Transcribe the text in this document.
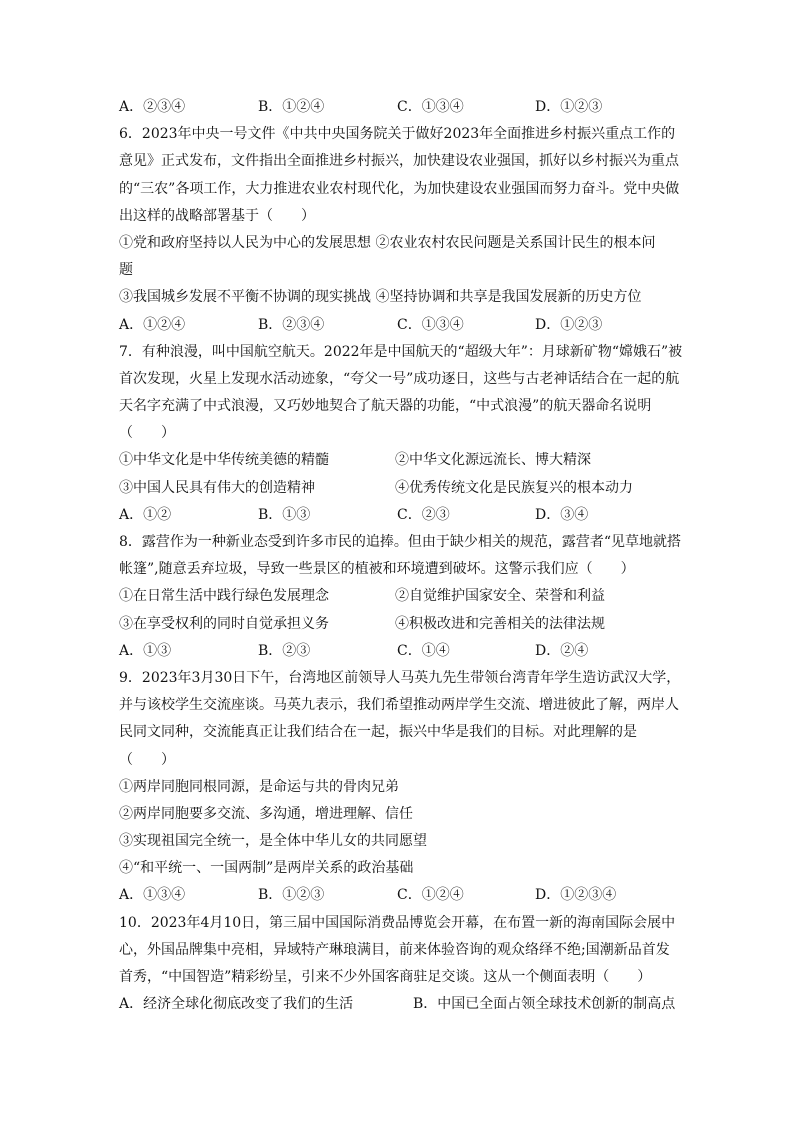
A．②③④	B．①②④	C．①③④	D．①②③
6．2023年中央一号文件《中共中央国务院关于做好2023年全面推进乡村振兴重点工作的
意见》正式发布，文件指出全面推进乡村振兴，加快建设农业强国，抓好以乡村振兴为重点
的“三农”各项工作，大力推进农业农村现代化，为加快建设农业强国而努力奋斗。党中央做
出这样的战略部署基于（　　）
①党和政府坚持以人民为中心的发展思想 ②农业农村农民问题是关系国计民生的根本问
题
③我国城乡发展不平衡不协调的现实挑战 ④坚持协调和共享是我国发展新的历史方位
A．①②④	B．②③④	C．①③④	D．①②③
7．有种浪漫，叫中国航空航天。2022年是中国航天的“超级大年”：月球新矿物“嫦娥石”被
首次发现，火星上发现水活动迹象，“夸父一号”成功逐日，这些与古老神话结合在一起的航
天名字充满了中式浪漫，又巧妙地契合了航天器的功能，“中式浪漫”的航天器命名说明
（　　）
①中华文化是中华传统美德的精髓	②中华文化源远流长、博大精深
③中国人民具有伟大的创造精神	④优秀传统文化是民族复兴的根本动力
A．①②	B．①③	C．②③	D．③④
8．露营作为一种新业态受到许多市民的追捧。但由于缺少相关的规范，露营者“见草地就搭
帐篷”,随意丢弃垃圾，导致一些景区的植被和环境遭到破坏。这警示我们应（　　）
①在日常生活中践行绿色发展理念	②自觉维护国家安全、荣誉和利益
③在享受权利的同时自觉承担义务	④积极改进和完善相关的法律法规
A．①③	B．②③	C．①④	D．②④
9．2023年3月30日下午，台湾地区前领导人马英九先生带领台湾青年学生造访武汉大学，
并与该校学生交流座谈。马英九表示，我们希望推动两岸学生交流、增进彼此了解，两岸人
民同文同种，交流能真正让我们结合在一起，振兴中华是我们的目标。对此理解的是
（　　）
①两岸同胞同根同源，是命运与共的骨肉兄弟
②两岸同胞要多交流、多沟通，增进理解、信任
③实现祖国完全统一，是全体中华儿女的共同愿望
④“和平统一、一国两制”是两岸关系的政治基础
A．①③④	B．①②③	C．①②④	D．①②③④
10．2023年4月10日，第三届中国国际消费品博览会开幕，在布置一新的海南国际会展中
心，外国品牌集中亮相，异域特产琳琅满目，前来体验咨询的观众络绎不绝;国潮新品首发
首秀，“中国智造”精彩纷呈，引来不少外国客商驻足交谈。这从一个侧面表明（　　）
A．经济全球化彻底改变了我们的生活	B．中国已全面占领全球技术创新的制高点
